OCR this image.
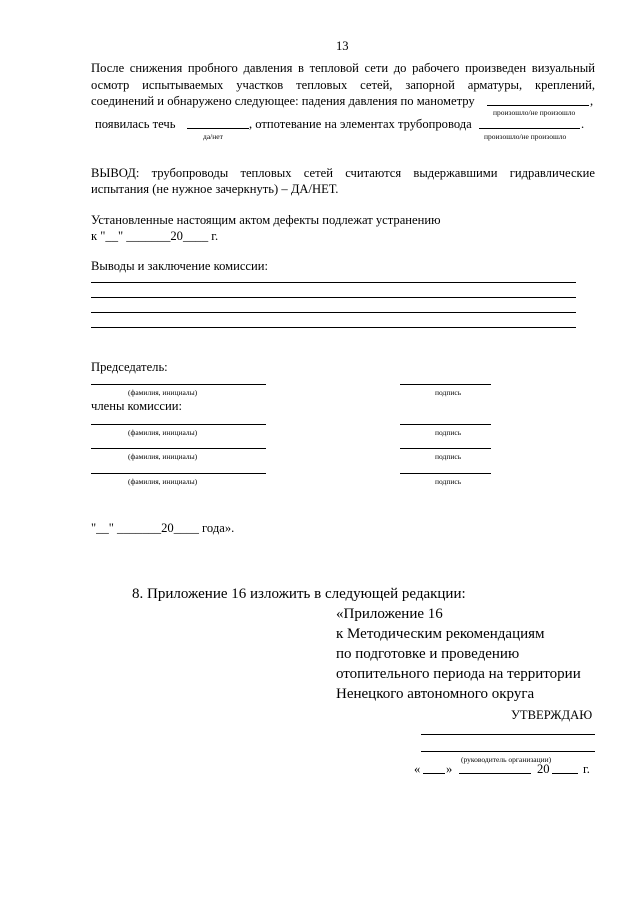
13
После снижения пробного давления в тепловой сети до рабочего произведен визуальный
осмотр испытываемых участков тепловых сетей, запорной арматуры, креплений,
соединений и обнаружено следующее: падения давления по манометру	,
произошло/не произошло
появилась течь	, отпотевание на элементах трубопровода	.
да/нет	произошло/не произошло
ВЫВОД: трубопроводы тепловых сетей считаются выдержавшими гидравлические
испытания (не нужное зачеркнуть) – ДА/НЕТ.
Установленные настоящим актом дефекты подлежат устранению
к "__" _______20____ г.
Выводы и заключение комиссии:
Председатель:
(фамилия, инициалы)	подпись
члены комиссии:
(фамилия, инициалы)	подпись
(фамилия, инициалы)	подпись
(фамилия, инициалы)	подпись
"__" _______20____ года».
8. Приложение 16 изложить в следующей редакции:
«Приложение 16
к Методическим рекомендациям
по подготовке и проведению
отопительного периода на территории
Ненецкого автономного округа
УТВЕРЖДАЮ
(руководитель организации)
« »	20	г.
